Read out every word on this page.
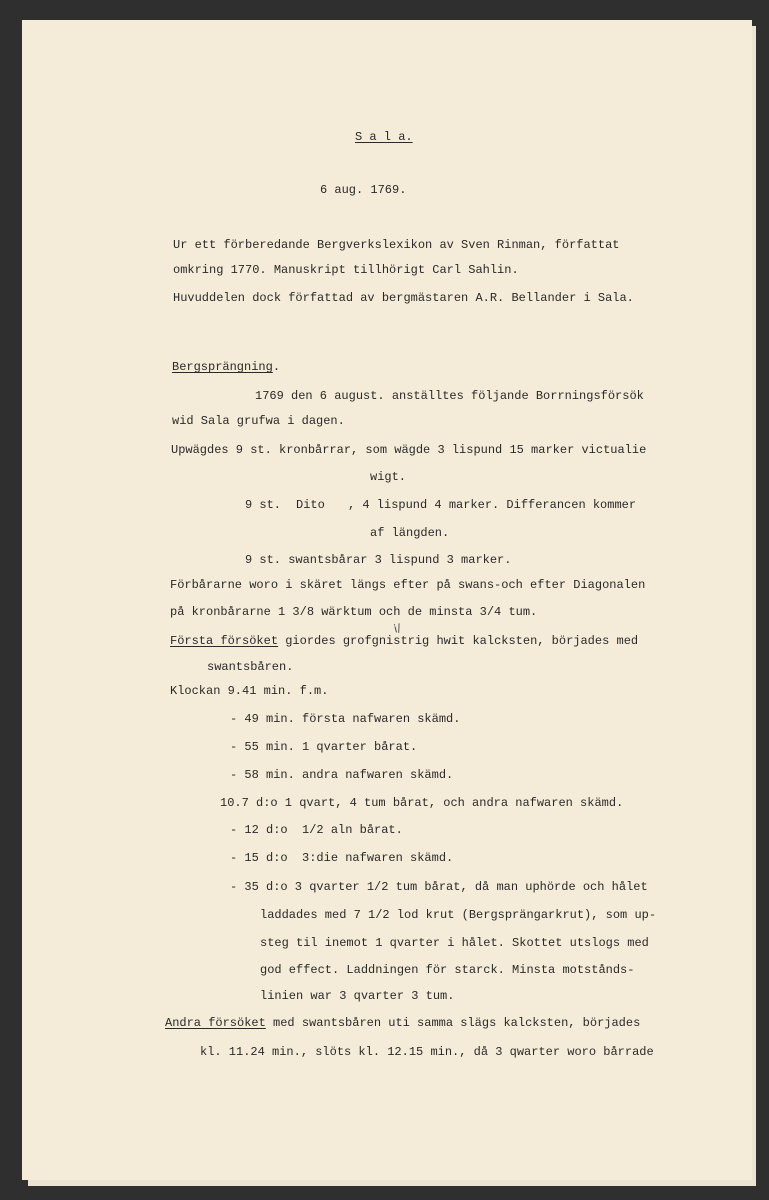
S a l a.
6 aug. 1769.
Ur ett förberedande Bergverkslexikon av Sven Rinman, författat
omkring 1770. Manuskript tillhörigt Carl Sahlin.
Huvuddelen dock författad av bergmästaren A.R. Bellander i Sala.
Bergsprängning.
1769 den 6 august. anställtes följande Borrningsförsök
wid Sala grufwa i dagen.
Upwägdes 9 st. kronbårrar, som wägde 3 lispund 15 marker victualie
wigt.
9 st. Dito , 4 lispund 4 marker. Differancen kommer
af längden.
9 st. swantsbårar 3 lispund 3 marker.
Förbårarne woro i skäret längs efter på swans-och efter Diagonalen
på kronbårarne 1 3/8 wärktum och de minsta 3/4 tum.
i/
Första försöket giordes grofgnistrig hwit kalcksten, börjades med
swantsbåren.
Klockan 9.41 min. f.m.
- 49 min. första nafwaren skämd.
- 55 min. 1 qvarter bårat.
- 58 min. andra nafwaren skämd.
10.7 d:o 1 qvart, 4 tum bårat, och andra nafwaren skämd.
- 12 d:o  1/2 aln bårat.
- 15 d:o  3:die nafwaren skämd.
- 35 d:o 3 qvarter 1/2 tum bårat, då man uphörde och hålet
laddades med 7 1/2 lod krut (Bergsprängarkrut), som up-
steg til inemot 1 qvarter i hålet. Skottet utslogs med
god effect. Laddningen för starck. Minsta motstånds-
linien war 3 qvarter 3 tum.
Andra försöket med swantsbåren uti samma slägs kalcksten, börjades
kl. 11.24 min., slöts kl. 12.15 min., då 3 qwarter woro bårrade
